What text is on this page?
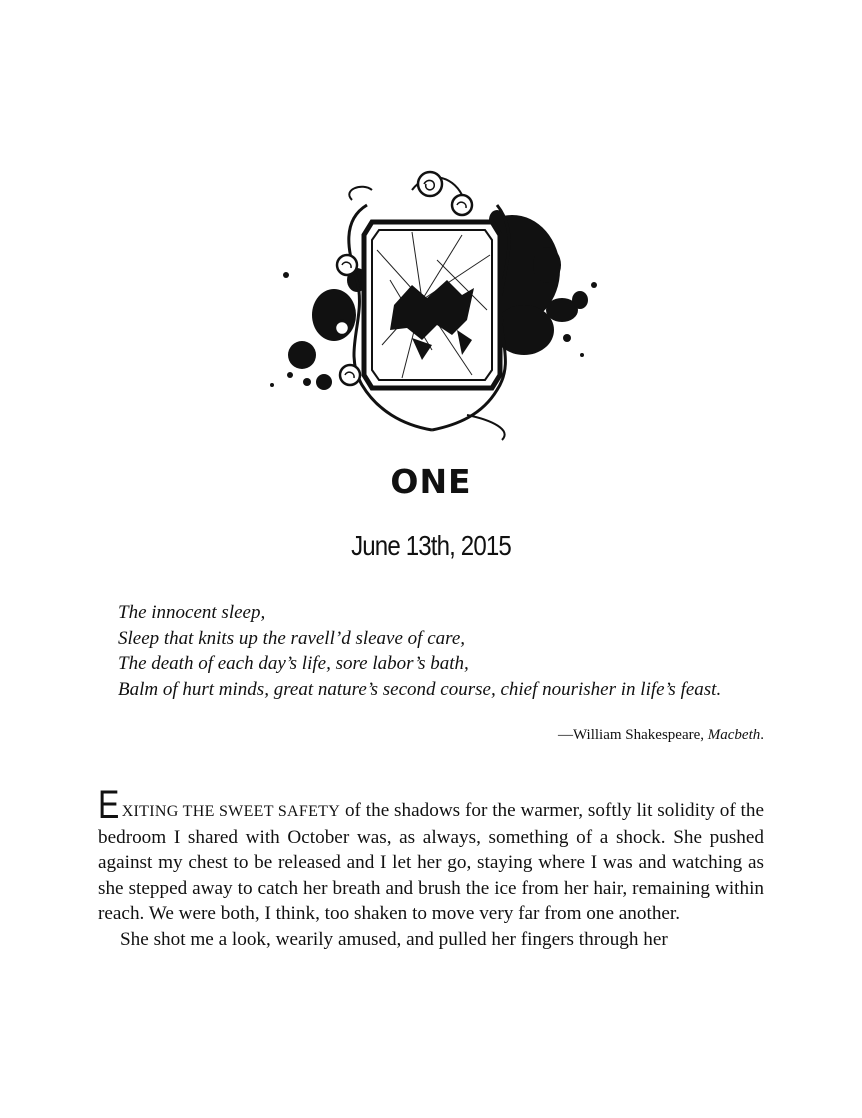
ONE
June 13th, 2015

The innocent sleep,

Sleep that knits up the ravell’d sleave of care,

The death of each day’s life, sore labor’s bath,

Balm of hurt minds, great nature’s second course, chief nourisher in life’s feast.

—William Shakespeare, Macbeth.

EXITING THE SWEET SAFETY of the shadows for the warmer, softly lit solidity of the bedroom I shared with October was, as always, something of a shock. She pushed against my chest to be released and I let her go, staying where I was and watching as she stepped away to catch her breath and brush the ice from her hair, remaining within reach. We were both, I think, too shaken to move very far from one another.

She shot me a look, wearily amused, and pulled her fingers through her
